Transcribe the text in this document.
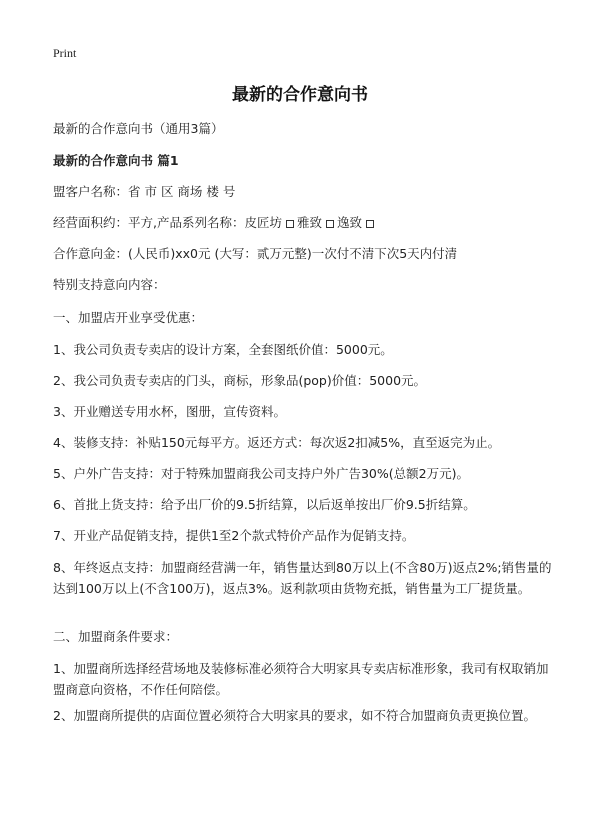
Print
最新的合作意向书
最新的合作意向书（通用3篇）
最新的合作意向书 篇1
盟客户名称：省 市 区 商场 楼 号
经营面积约：平方,产品系列名称：皮匠坊 雅致 逸致
合作意向金：(人民币)xx0元 (大写：贰万元整)一次付不清下次5天内付清
特别支持意向内容：
一、加盟店开业享受优惠：
1、我公司负责专卖店的设计方案，全套图纸价值：5000元。
2、我公司负责专卖店的门头，商标，形象品(pop)价值：5000元。
3、开业赠送专用水杯，图册，宣传资料。
4、装修支持：补贴150元每平方。返还方式：每次返2扣减5%，直至返完为止。
5、户外广告支持：对于特殊加盟商我公司支持户外广告30%(总额2万元)。
6、首批上货支持：给予出厂价的9.5折结算，以后返单按出厂价9.5折结算。
7、开业产品促销支持，提供1至2个款式特价产品作为促销支持。
8、年终返点支持：加盟商经营满一年，销售量达到80万以上(不含80万)返点2%;销售量的达到100万以上(不含100万)，返点3%。返利款项由货物充抵，销售量为工厂提货量。
二、加盟商条件要求：
1、加盟商所选择经营场地及装修标准必须符合大明家具专卖店标准形象，我司有权取销加盟商意向资格，不作任何陪偿。
2、加盟商所提供的店面位置必须符合大明家具的要求，如不符合加盟商负责更换位置。
